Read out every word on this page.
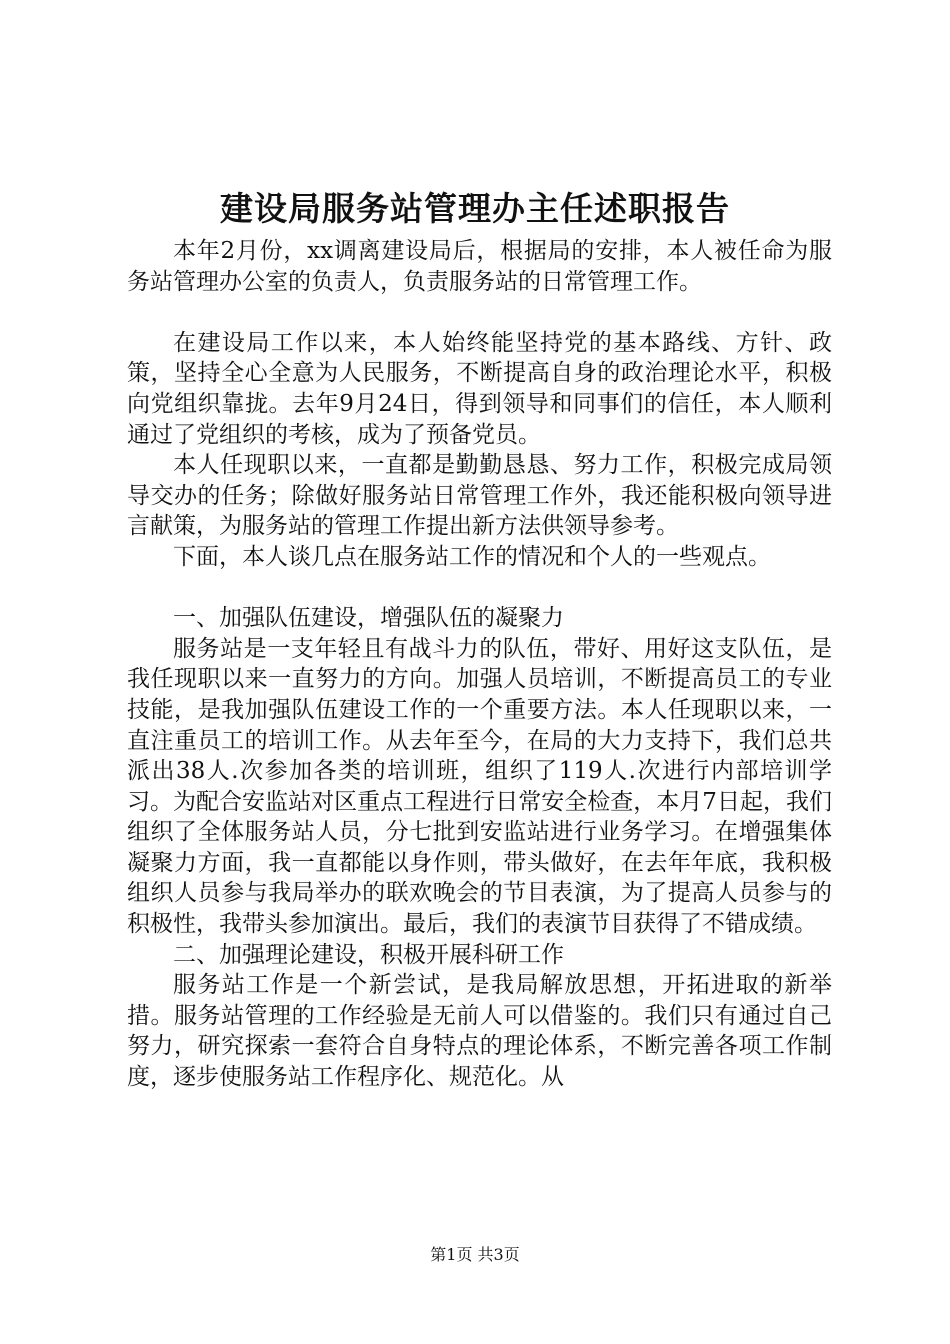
建设局服务站管理办主任述职报告

本年2月份，xx调离建设局后，根据局的安排，本人被任命为服务站管理办公室的负责人，负责服务站的日常管理工作。

在建设局工作以来，本人始终能坚持党的基本路线、方针、政策，坚持全心全意为人民服务，不断提高自身的政治理论水平，积极向党组织靠拢。去年9月24日，得到领导和同事们的信任，本人顺利通过了党组织的考核，成为了预备党员。

本人任现职以来，一直都是勤勤恳恳、努力工作，积极完成局领导交办的任务；除做好服务站日常管理工作外，我还能积极向领导进言献策，为服务站的管理工作提出新方法供领导参考。

下面，本人谈几点在服务站工作的情况和个人的一些观点。

一、加强队伍建设，增强队伍的凝聚力

服务站是一支年轻且有战斗力的队伍，带好、用好这支队伍，是我任现职以来一直努力的方向。加强人员培训，不断提高员工的专业技能，是我加强队伍建设工作的一个重要方法。本人任现职以来，一直注重员工的培训工作。从去年至今，在局的大力支持下，我们总共派出38人.次参加各类的培训班，组织了119人.次进行内部培训学习。为配合安监站对区重点工程进行日常安全检查，本月7日起，我们组织了全体服务站人员，分七批到安监站进行业务学习。在增强集体凝聚力方面，我一直都能以身作则，带头做好，在去年年底，我积极组织人员参与我局举办的联欢晚会的节目表演，为了提高人员参与的积极性，我带头参加演出。最后，我们的表演节目获得了不错成绩。

二、加强理论建设，积极开展科研工作

服务站工作是一个新尝试，是我局解放思想，开拓进取的新举措。服务站管理的工作经验是无前人可以借鉴的。我们只有通过自己努力，研究探索一套符合自身特点的理论体系，不断完善各项工作制度，逐步使服务站工作程序化、规范化。从

第1页 共3页
